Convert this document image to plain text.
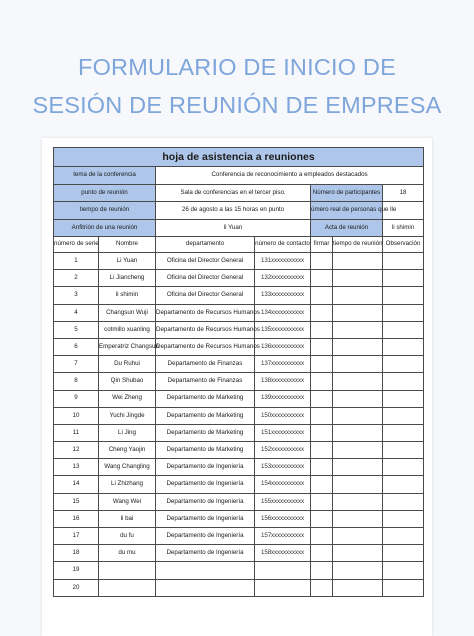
FORMULARIO DE INICIO DE
SESIÓN DE REUNIÓN DE EMPRESA
hoja de asistencia a reuniones						
tema de la conferencia		Conferencia de reconocimiento a empleados destacados				
punto de reunión		Sala de conferencias en el tercer piso.		Número de participantes		18
tiempo de reunión		26 de agosto a las 15 horas en punto		úmero real de personas que lle		
Anfitrión de una reunión		li Yuan		Acta de reunión		li shimin
número de serie	Nombre	departamento	número de contacto	firmar	tiempo de reunión	Observación
1	Li Yuan	Oficina del Director General	131xxxxxxxxxxx			
2	Li Jiancheng	Oficina del Director General	132xxxxxxxxxxx			
3	li shimin	Oficina del Director General	133xxxxxxxxxxx			
4	Changsun Wuji	Departamento de Recursos Humanos	134xxxxxxxxxxx			
5	cotmillo xuanling	Departamento de Recursos Humanos	135xxxxxxxxxxx			
6	Emperatriz Changsun	Departamento de Recursos Humanos	136xxxxxxxxxxx			
7	Du Ruhui	Departamento de Finanzas	137xxxxxxxxxxx			
8	Qin Shubao	Departamento de Finanzas	138xxxxxxxxxxx			
9	Wei Zheng	Departamento de Marketing	139xxxxxxxxxxx			
10	Yuchi Jingde	Departamento de Marketing	150xxxxxxxxxxx			
11	Li Jing	Departamento de Marketing	151xxxxxxxxxxx			
12	Cheng Yaojin	Departamento de Marketing	152xxxxxxxxxxx			
13	Wang Changling	Departamento de Ingeniería	153xxxxxxxxxxx			
14	Li Zhizhang	Departamento de Ingeniería	154xxxxxxxxxxx			
15	Wang Wei	Departamento de Ingeniería	155xxxxxxxxxxx			
16	li bai	Departamento de Ingeniería	156xxxxxxxxxxx			
17	du fu	Departamento de Ingeniería	157xxxxxxxxxxx			
18	du mu	Departamento de Ingeniería	158xxxxxxxxxxx			
19						
20						
